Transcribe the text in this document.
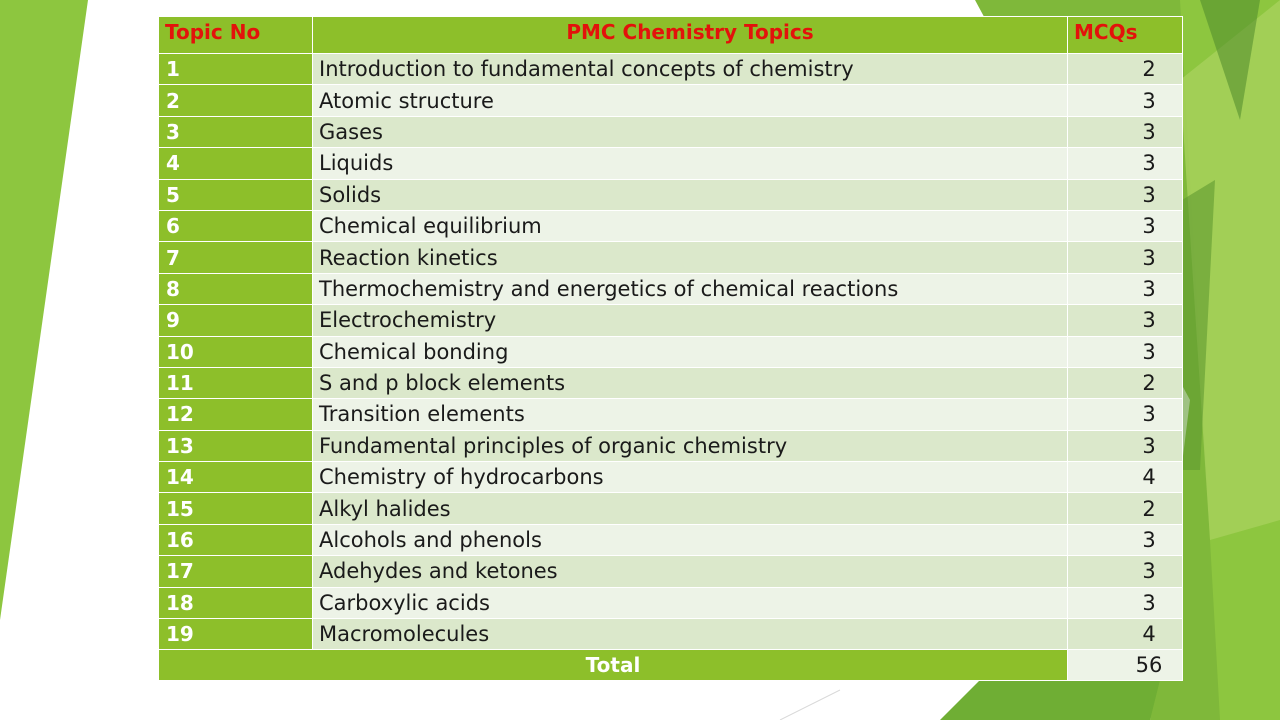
Topic No	PMC Chemistry Topics	MCQs
1	Introduction to fundamental concepts of chemistry	2
2	Atomic structure	3
3	Gases	3
4	Liquids	3
5	Solids	3
6	Chemical equilibrium	3
7	Reaction kinetics	3
8	Thermochemistry and energetics of chemical reactions	3
9	Electrochemistry	3
10	Chemical bonding	3
11	S and p block elements	2
12	Transition elements	3
13	Fundamental principles of organic chemistry	3
14	Chemistry of hydrocarbons	4
15	Alkyl halides	2
16	Alcohols and phenols	3
17	Adehydes and ketones	3
18	Carboxylic acids	3
19	Macromolecules	4
Total		56
